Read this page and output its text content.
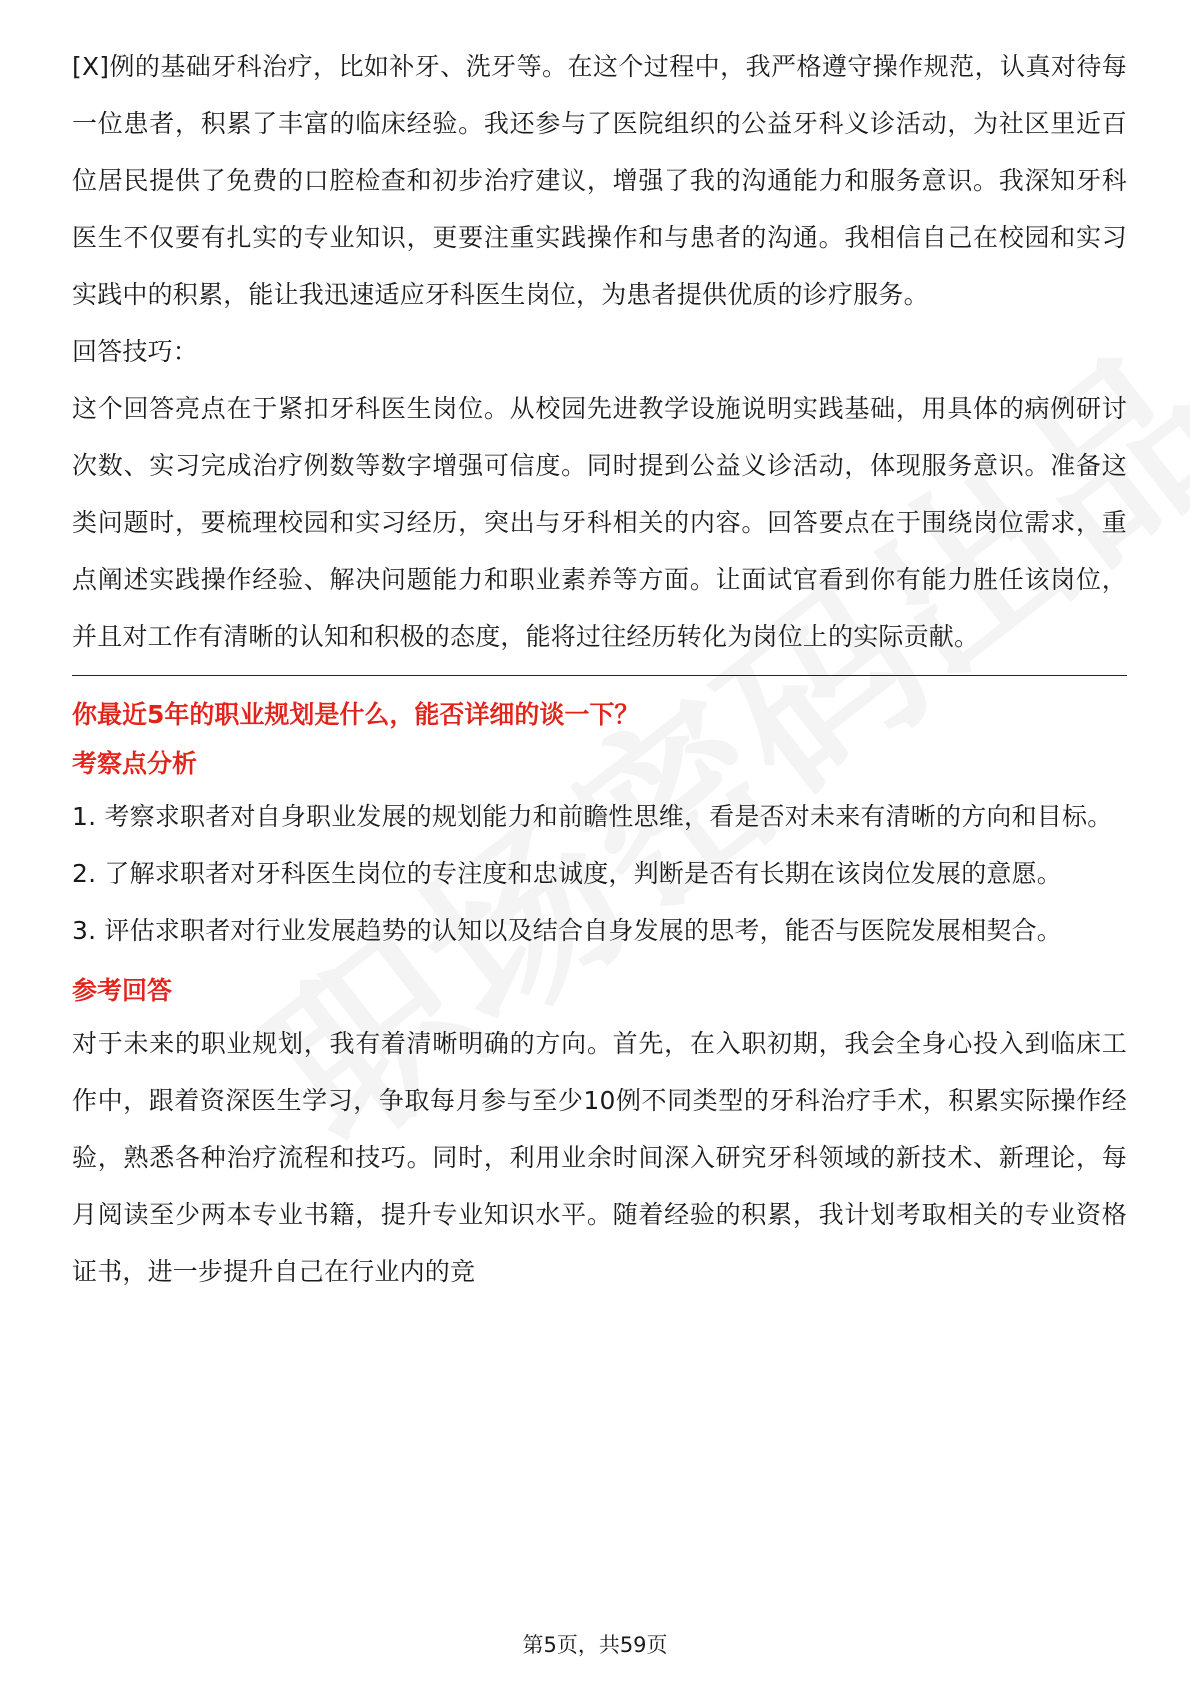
[X]例的基础牙科治疗，比如补牙、洗牙等。在这个过程中，我严格遵守操作规范，认真对待每一位患者，积累了丰富的临床经验。我还参与了医院组织的公益牙科义诊活动，为社区里近百位居民提供了免费的口腔检查和初步治疗建议，增强了我的沟通能力和服务意识。我深知牙科医生不仅要有扎实的专业知识，更要注重实践操作和与患者的沟通。我相信自己在校园和实习实践中的积累，能让我迅速适应牙科医生岗位，为患者提供优质的诊疗服务。

回答技巧：

这个回答亮点在于紧扣牙科医生岗位。从校园先进教学设施说明实践基础，用具体的病例研讨次数、实习完成治疗例数等数字增强可信度。同时提到公益义诊活动，体现服务意识。准备这类问题时，要梳理校园和实习经历，突出与牙科相关的内容。回答要点在于围绕岗位需求，重点阐述实践操作经验、解决问题能力和职业素养等方面。让面试官看到你有能力胜任该岗位，并且对工作有清晰的认知和积极的态度，能将过往经历转化为岗位上的实际贡献。

你最近5年的职业规划是什么，能否详细的谈一下？
考察点分析

1. 考察求职者对自身职业发展的规划能力和前瞻性思维，看是否对未来有清晰的方向和目标。

2. 了解求职者对牙科医生岗位的专注度和忠诚度，判断是否有长期在该岗位发展的意愿。

3. 评估求职者对行业发展趋势的认知以及结合自身发展的思考，能否与医院发展相契合。

参考回答

对于未来的职业规划，我有着清晰明确的方向。首先，在入职初期，我会全身心投入到临床工作中，跟着资深医生学习，争取每月参与至少10例不同类型的牙科治疗手术，积累实际操作经验，熟悉各种治疗流程和技巧。同时，利用业余时间深入研究牙科领域的新技术、新理论，每月阅读至少两本专业书籍，提升专业知识水平。随着经验的积累，我计划考取相关的专业资格证书，进一步提升自己在行业内的竞

第5页，共59页
